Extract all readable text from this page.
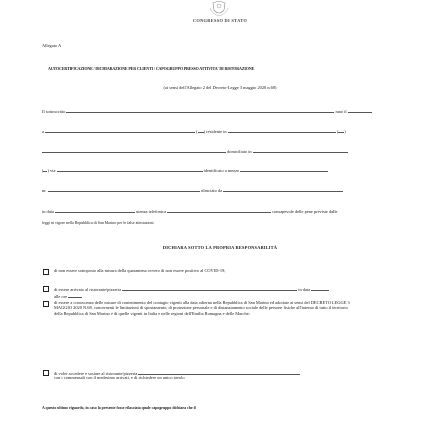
CONGRESSO DI STATO
Allegato A
AUTOCERTIFICAZIONE / DICHIARAZIONE PER CLIENTI / CAPOGRUPPO PRESSO ATTIVITA' DI RISTORAZIONE
(ai sensi dell'Allegato 2 del Decreto-Legge 3 maggio 2020 n.68)
Il sottoscritto	nato il
a	( ) residente in	( )
domiciliato in
( ) via	identificato a mezzo
nr.	rilasciato da
in data	utenza telefonica	consapevole delle pene previste dalle
leggi in vigore nella Repubblica di San Marino per le false attestazioni
DICHIARA SOTTO LA PROPRIA RESPONSABILITÀ
di non essere sottoposto alla misura della quarantena ovvero di non essere positivo al COVID-19;
di essere arrivato al ristorante/pizzeria	in data
alle ore
di essere a conoscenza delle misure di contenimento del contagio vigenti alla data odierna nella Repubblica di San Marino ed adottate ai sensi del DECRETO LEGGE 3 MAGGIO 2020 N.68, concernenti le limitazioni di spostamento, di protezione personale e di distanziamento sociale delle persone fisiche all'interno di tutto il territorio della Repubblica di San Marino e di quelle vigenti in Italia e nelle regioni dell'Emilia Romagna e delle Marche;
di voler accedere e sostare al ristorante/pizzeria
con i commensali con il medesimo arrivati, e di richiedere un unico tavolo
A questo ultimo riguardo, in caso la presente fosse rilasciata quale capogruppo dichiara che il
